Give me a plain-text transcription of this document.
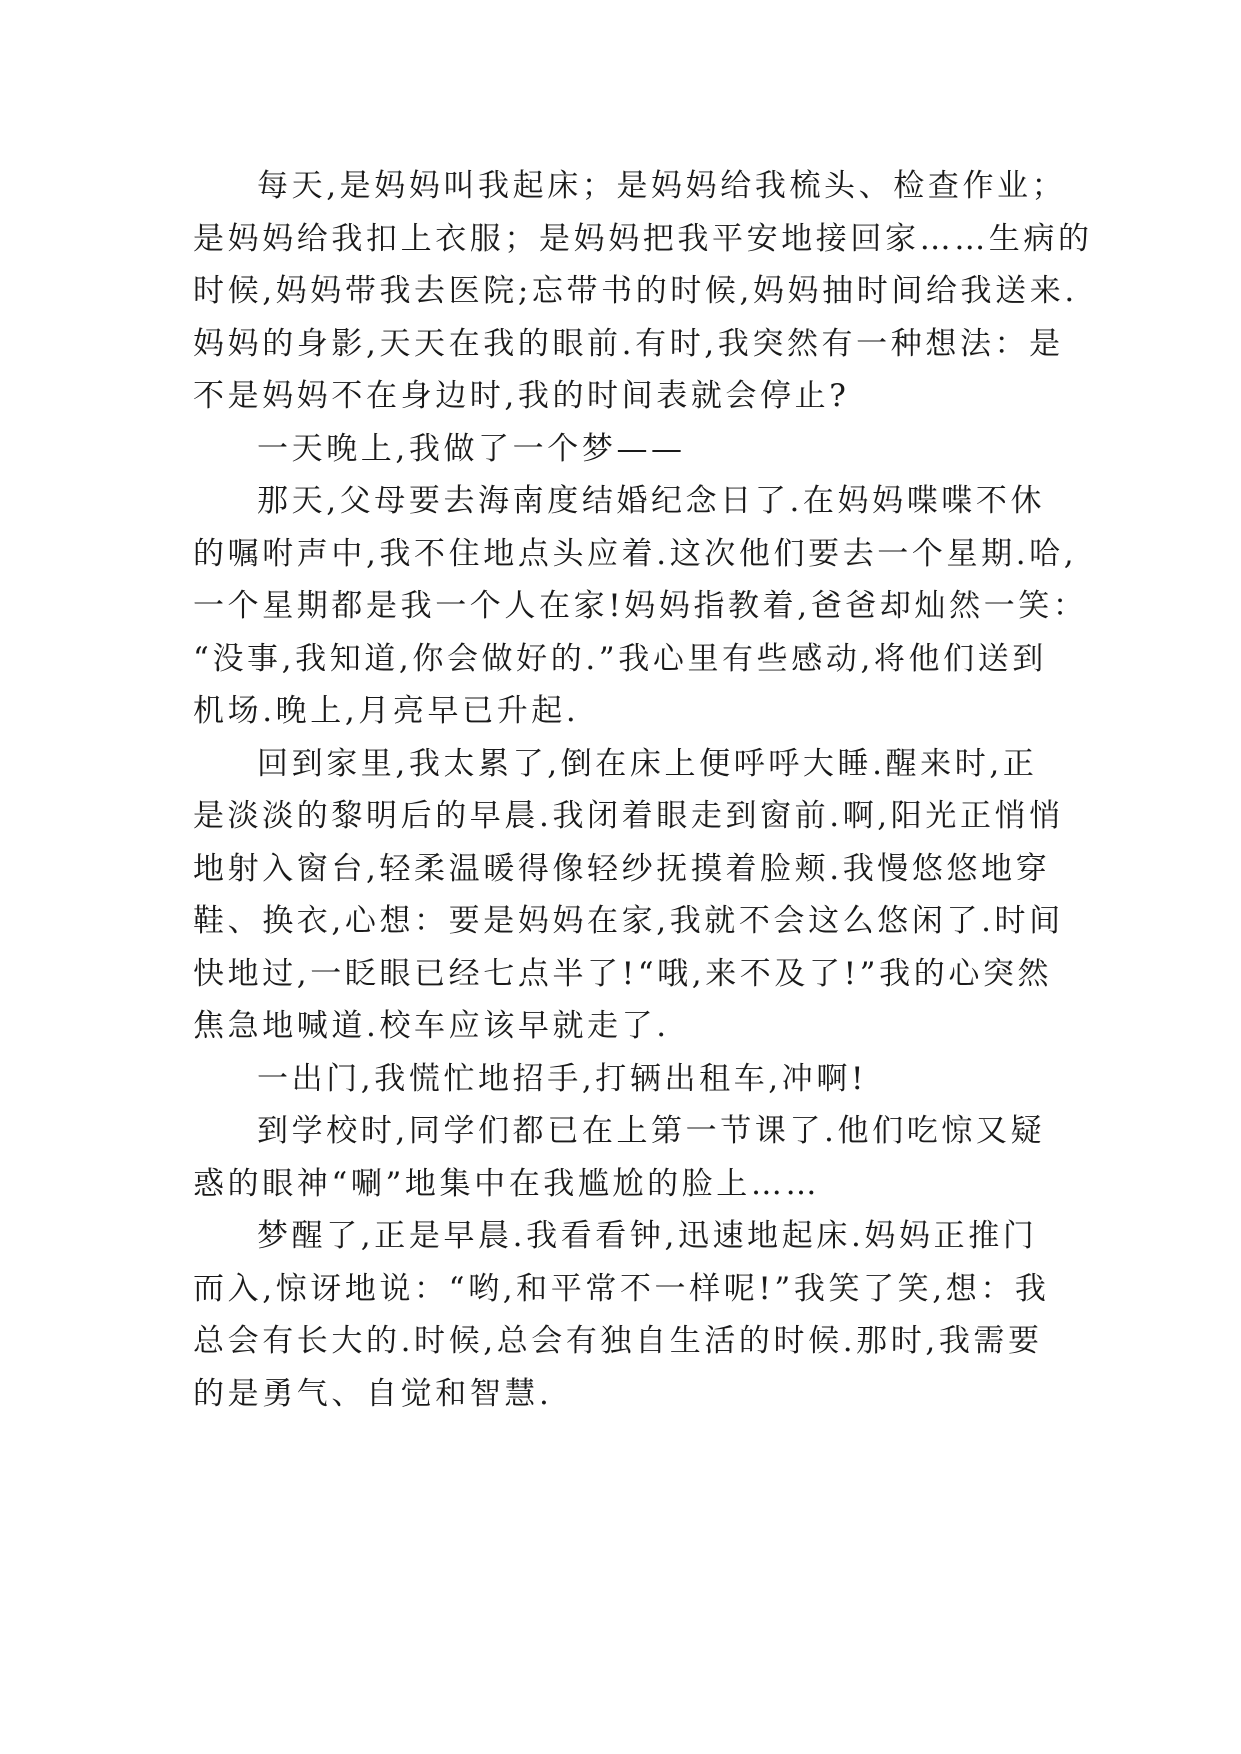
每天,是妈妈叫我起床；是妈妈给我梳头、检查作业；
是妈妈给我扣上衣服；是妈妈把我平安地接回家……生病的
时候,妈妈带我去医院;忘带书的时候,妈妈抽时间给我送来.
妈妈的身影,天天在我的眼前.有时,我突然有一种想法：是
不是妈妈不在身边时,我的时间表就会停止?
一天晚上,我做了一个梦——
那天,父母要去海南度结婚纪念日了.在妈妈喋喋不休
的嘱咐声中,我不住地点头应着.这次他们要去一个星期.哈,
一个星期都是我一个人在家!妈妈指教着,爸爸却灿然一笑：
“没事,我知道,你会做好的.”我心里有些感动,将他们送到
机场.晚上,月亮早已升起.
回到家里,我太累了,倒在床上便呼呼大睡.醒来时,正
是淡淡的黎明后的早晨.我闭着眼走到窗前.啊,阳光正悄悄
地射入窗台,轻柔温暖得像轻纱抚摸着脸颊.我慢悠悠地穿
鞋、换衣,心想：要是妈妈在家,我就不会这么悠闲了.时间
快地过,一眨眼已经七点半了!“哦,来不及了!”我的心突然
焦急地喊道.校车应该早就走了.
一出门,我慌忙地招手,打辆出租车,冲啊!
到学校时,同学们都已在上第一节课了.他们吃惊又疑
惑的眼神“唰”地集中在我尴尬的脸上……
梦醒了,正是早晨.我看看钟,迅速地起床.妈妈正推门
而入,惊讶地说：“哟,和平常不一样呢!”我笑了笑,想：我
总会有长大的.时候,总会有独自生活的时候.那时,我需要
的是勇气、自觉和智慧.
